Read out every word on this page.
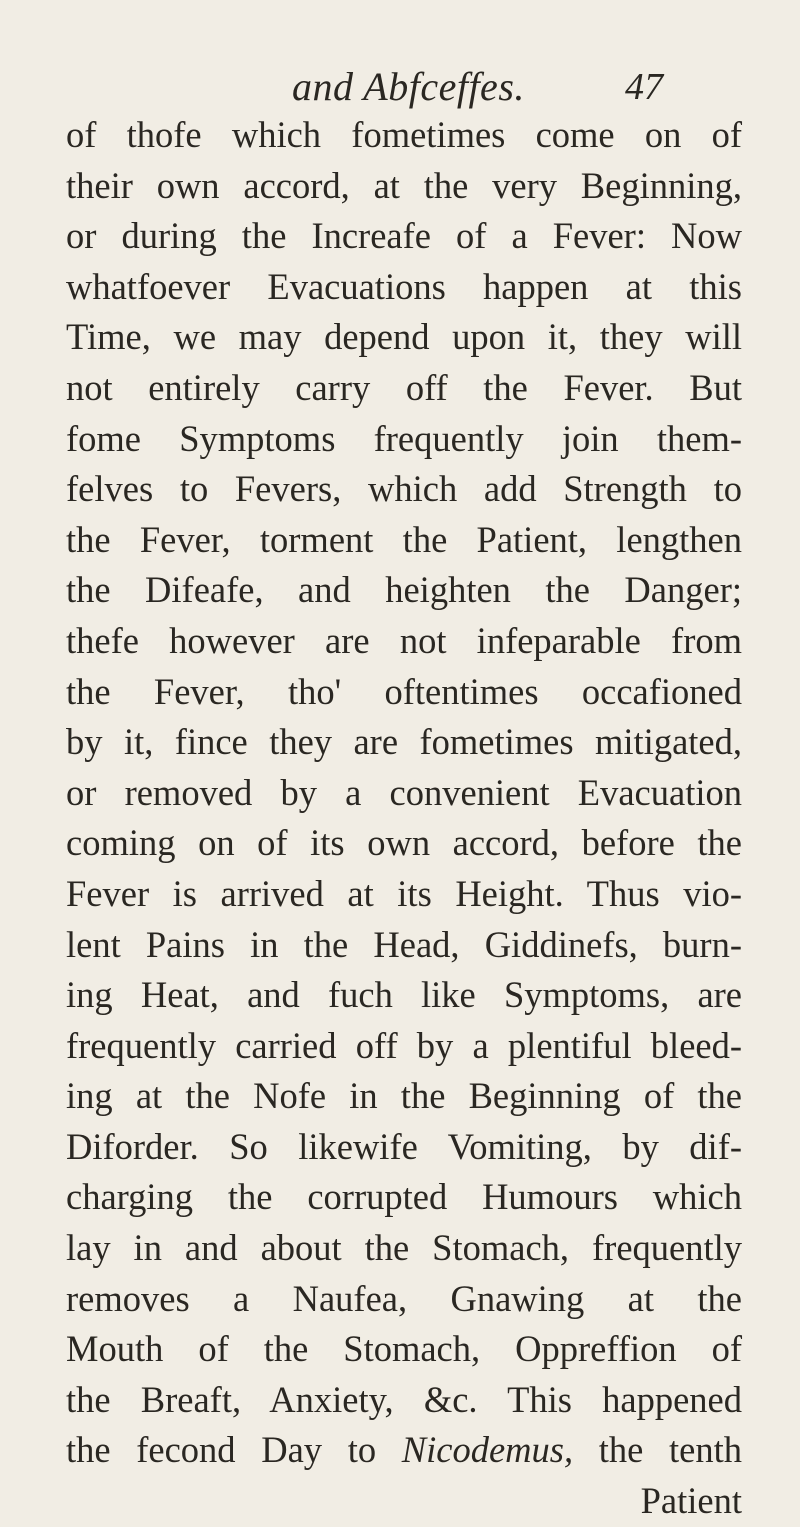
and Abfceffes.	47
of thofe which fometimes come on of
their own accord, at the very Beginning,
or during the Increafe of a Fever: Now
whatfoever Evacuations happen at this
Time, we may depend upon it, they will
not entirely carry off the Fever. But
fome Symptoms frequently join them-
felves to Fevers, which add Strength to
the Fever, torment the Patient, lengthen
the Difeafe, and heighten the Danger;
thefe however are not infeparable from
the Fever, tho' oftentimes occafioned
by it, fince they are fometimes mitigated,
or removed by a convenient Evacuation
coming on of its own accord, before the
Fever is arrived at its Height. Thus vio-
lent Pains in the Head, Giddinefs, burn-
ing Heat, and fuch like Symptoms, are
frequently carried off by a plentiful bleed-
ing at the Nofe in the Beginning of the
Diforder. So likewife Vomiting, by dif-
charging the corrupted Humours which
lay in and about the Stomach, frequently
removes a Naufea, Gnawing at the
Mouth of the Stomach, Oppreffion of
the Breaft, Anxiety, &c. This happened
the fecond Day to Nicodemus, the tenth
Patient
